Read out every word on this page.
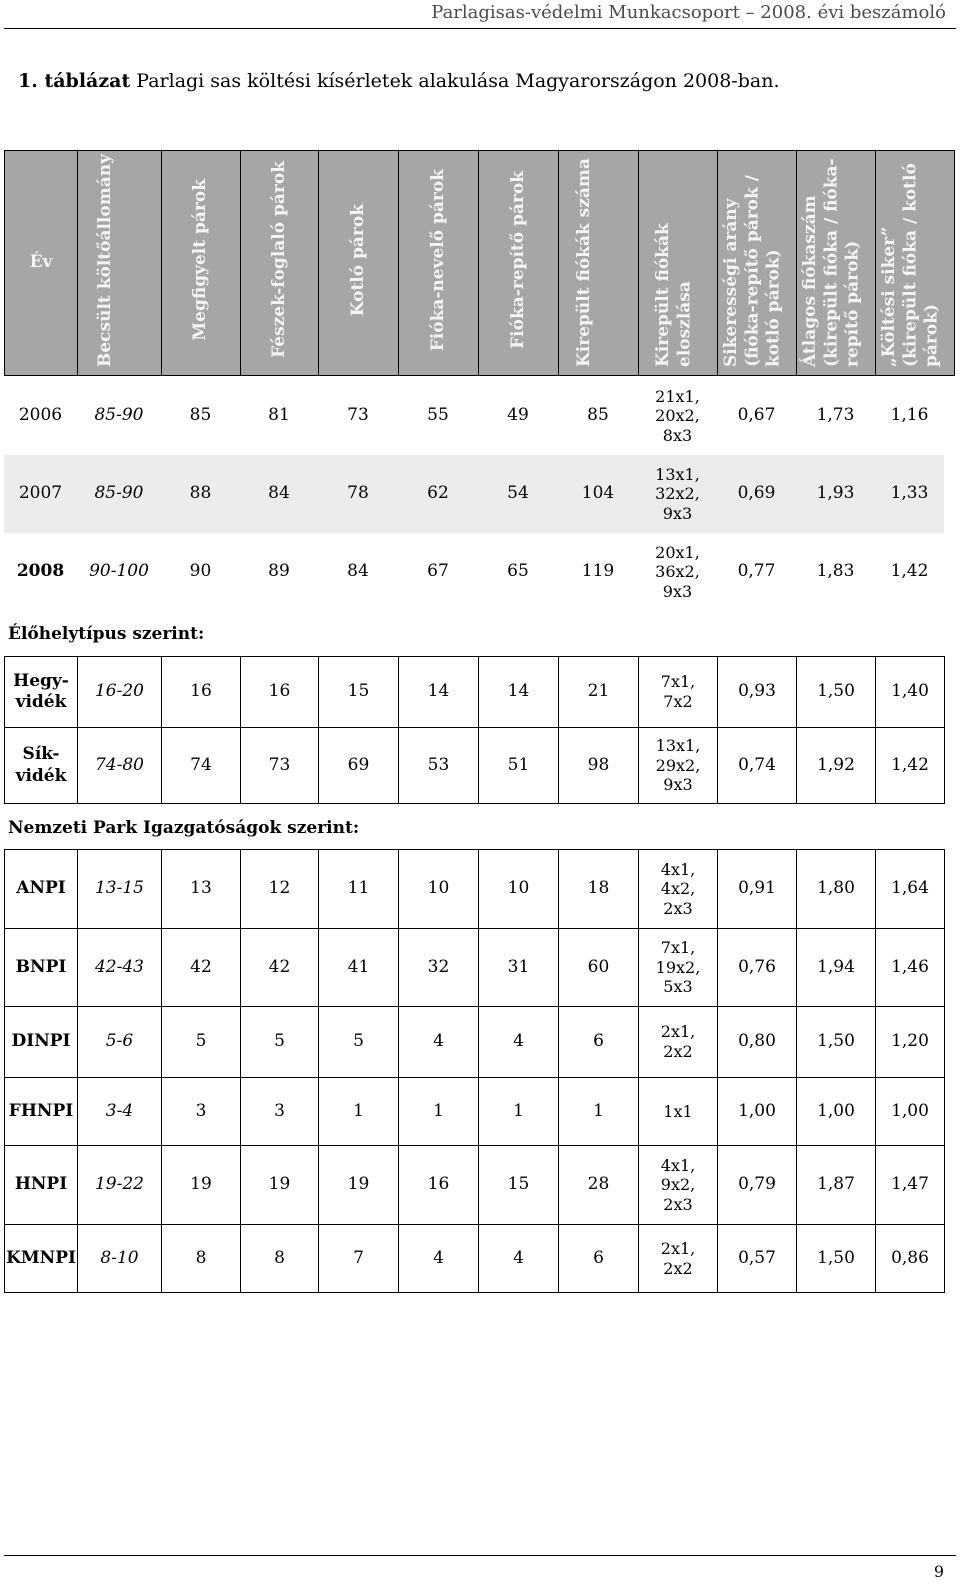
Parlagisas-védelmi Munkacsoport – 2008. évi beszámoló
1. táblázat Parlagi sas költési kísérletek alakulása Magyarországon 2008-ban.
Év	Becsült költőállomány	Megfigyelt párok	Fészek-foglaló párok	Kotló párok	Fióka-nevelő párok	Fióka-repítő párok	Kirepült fiókák száma	Kirepült fiókák eloszlása	Sikerességi arány (fióka-repítő párok / kotló párok)	Átlagos fiókaszám (kirepült fióka / fióka-repítő párok)	„Költési siker” (kirepült fióka / kotló párok)
2006	85-90	85	81	73	55	49	85	21x1,
20x2,
8x3	0,67	1,73	1,16
2007	85-90	88	84	78	62	54	104	13x1,
32x2,
9x3	0,69	1,93	1,33
2008	90-100	90	89	84	67	65	119	20x1,
36x2,
9x3	0,77	1,83	1,42
Élőhelytípus szerint:
Hegy-
vidék	16-20	16	16	15	14	14	21	7x1,
7x2	0,93	1,50	1,40
Sík-
vidék	74-80	74	73	69	53	51	98	13x1,
29x2,
9x3	0,74	1,92	1,42
Nemzeti Park Igazgatóságok szerint:
ANPI	13-15	13	12	11	10	10	18	4x1,
4x2,
2x3	0,91	1,80	1,64
BNPI	42-43	42	42	41	32	31	60	7x1,
19x2,
5x3	0,76	1,94	1,46
DINPI	5-6	5	5	5	4	4	6	2x1,
2x2	0,80	1,50	1,20
FHNPI	3-4	3	3	1	1	1	1	1x1	1,00	1,00	1,00
HNPI	19-22	19	19	19	16	15	28	4x1,
9x2,
2x3	0,79	1,87	1,47
KMNPI	8-10	8	8	7	4	4	6	2x1,
2x2	0,57	1,50	0,86
9
